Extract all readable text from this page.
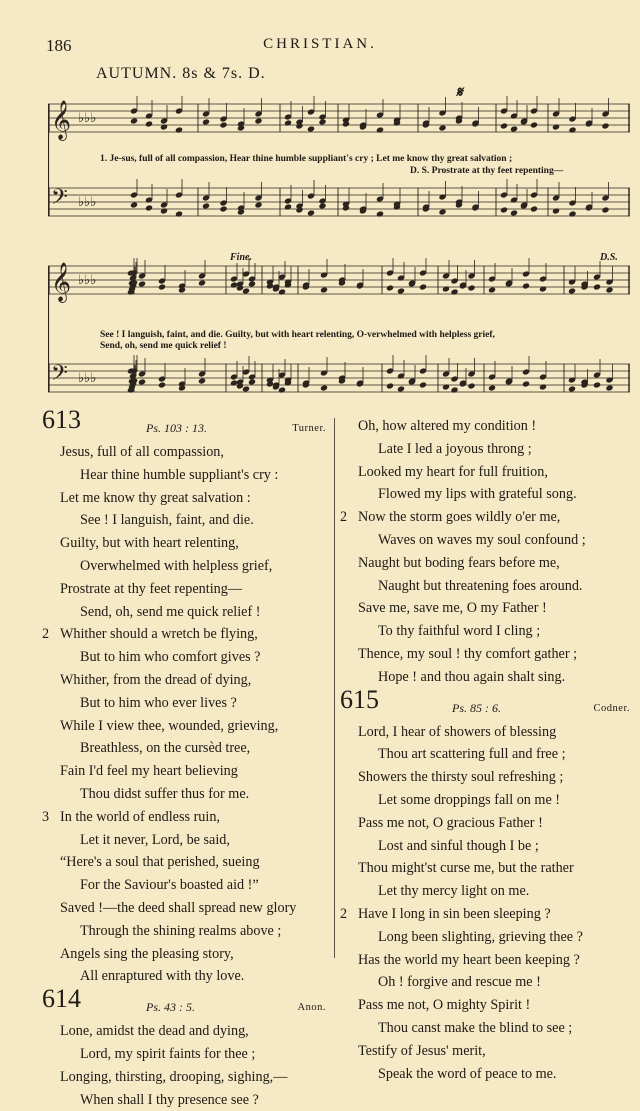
186	CHRISTIAN.
AUTUMN. 8s & 7s. D.
𝄞 ♭♭♭
𝄢 ♭♭♭
1. Je-sus, full of all compassion, Hear thine humble suppliant's cry ; Let me know thy great salvation ;
D. S. Prostrate at thy feet repenting—
𝄋
𝄞 ♭♭♭
𝄢 ♭♭♭
Fine.	D.S.
See ! I languish, faint, and die. Guilty, but with heart relenting, O-verwhelmed with helpless grief,
Send, oh, send me quick relief !
613	Ps. 103 : 13.	Turner.
Jesus, full of all compassion,
Hear thine humble suppliant's cry :
Let me know thy great salvation :
See ! I languish, faint, and die.
Guilty, but with heart relenting,
Overwhelmed with helpless grief,
Prostrate at thy feet repenting—
Send, oh, send me quick relief !
2 Whither should a wretch be flying,
But to him who comfort gives ?
Whither, from the dread of dying,
But to him who ever lives ?
While I view thee, wounded, grieving,
Breathless, on the cursèd tree,
Fain I'd feel my heart believing
Thou didst suffer thus for me.
3 In the world of endless ruin,
Let it never, Lord, be said,
“Here's a soul that perished, sueing
For the Saviour's boasted aid !”
Saved !—the deed shall spread new glory
Through the shining realms above ;
Angels sing the pleasing story,
All enraptured with thy love.
614	Ps. 43 : 5.	Anon.
Lone, amidst the dead and dying,
Lord, my spirit faints for thee ;
Longing, thirsting, drooping, sighing,—
When shall I thy presence see ?
Oh, how altered my condition !
Late I led a joyous throng ;
Looked my heart for full fruition,
Flowed my lips with grateful song.
2 Now the storm goes wildly o'er me,
Waves on waves my soul confound ;
Naught but boding fears before me,
Naught but threatening foes around.
Save me, save me, O my Father !
To thy faithful word I cling ;
Thence, my soul ! thy comfort gather ;
Hope ! and thou again shalt sing.
615	Ps. 85 : 6.	Codner.
Lord, I hear of showers of blessing
Thou art scattering full and free ;
Showers the thirsty soul refreshing ;
Let some droppings fall on me !
Pass me not, O gracious Father !
Lost and sinful though I be ;
Thou might'st curse me, but the rather
Let thy mercy light on me.
2 Have I long in sin been sleeping ?
Long been slighting, grieving thee ?
Has the world my heart been keeping ?
Oh ! forgive and rescue me !
Pass me not, O mighty Spirit !
Thou canst make the blind to see ;
Testify of Jesus' merit,
Speak the word of peace to me.
